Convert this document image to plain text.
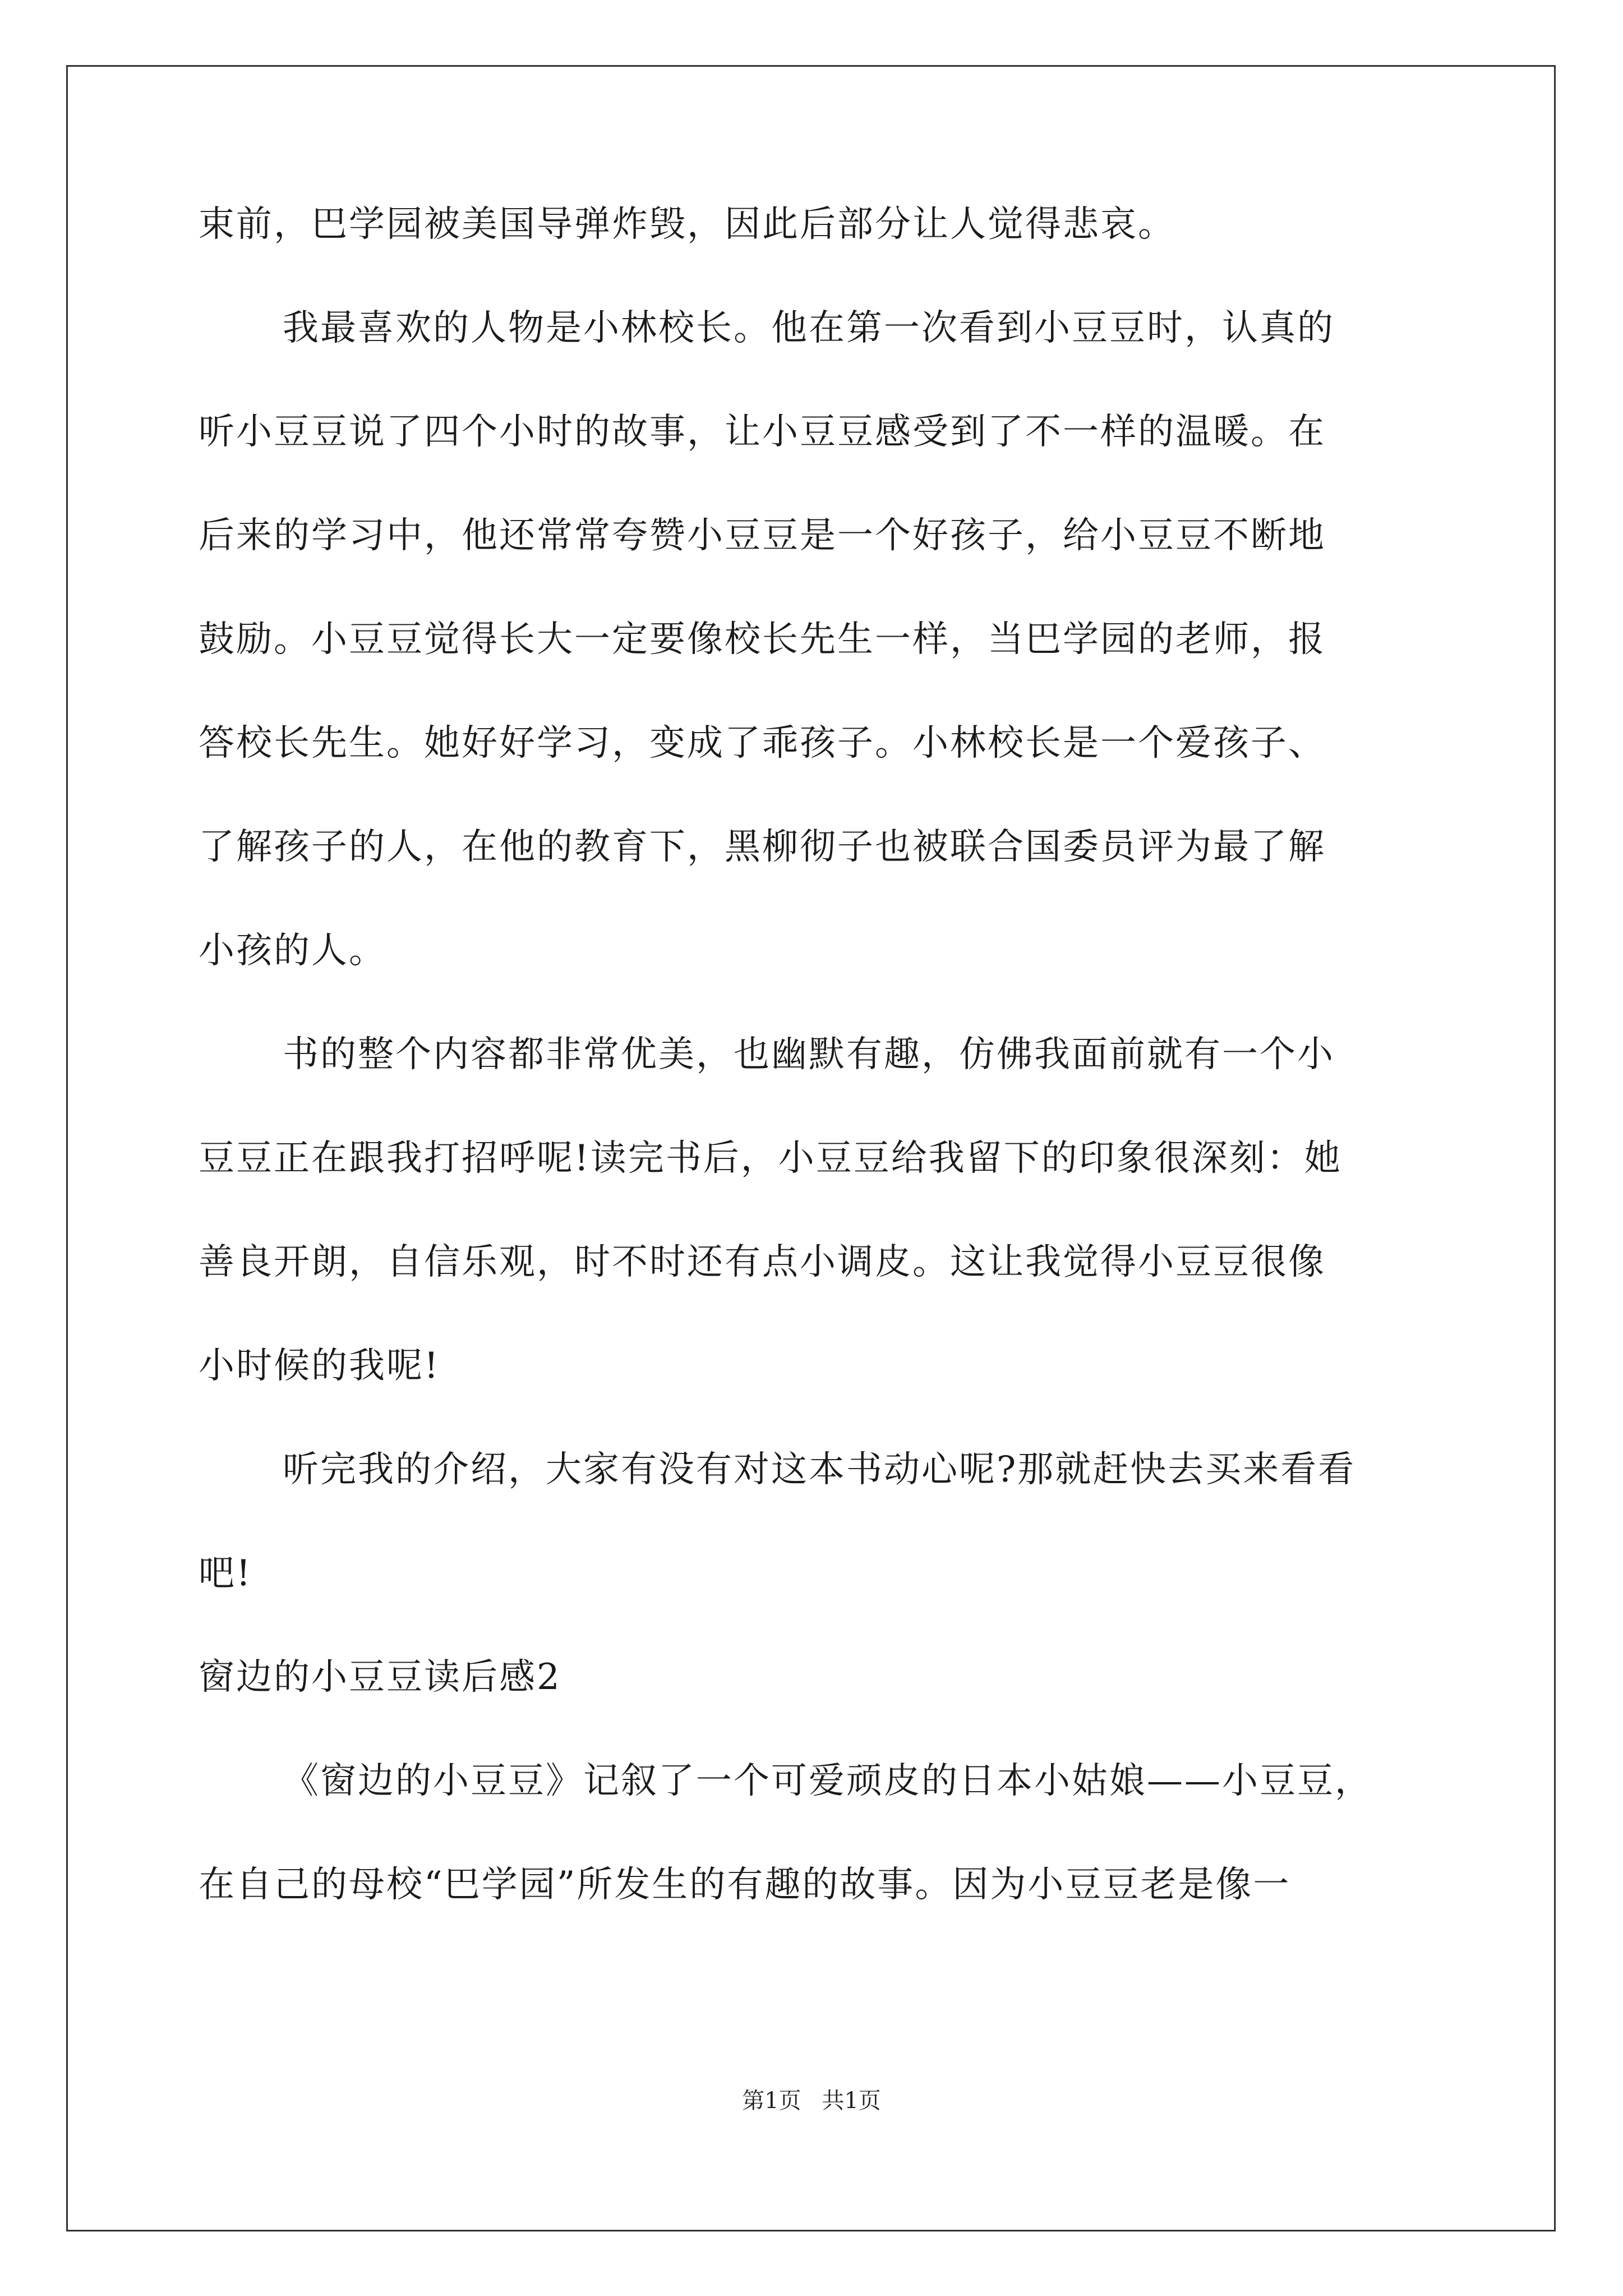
束前，巴学园被美国导弹炸毁，因此后部分让人觉得悲哀。
我最喜欢的人物是小林校长。他在第一次看到小豆豆时，认真的
听小豆豆说了四个小时的故事，让小豆豆感受到了不一样的温暖。在
后来的学习中，他还常常夸赞小豆豆是一个好孩子，给小豆豆不断地
鼓励。小豆豆觉得长大一定要像校长先生一样，当巴学园的老师，报
答校长先生。她好好学习，变成了乖孩子。小林校长是一个爱孩子、
了解孩子的人，在他的教育下，黑柳彻子也被联合国委员评为最了解
小孩的人。
书的整个内容都非常优美，也幽默有趣，仿佛我面前就有一个小
豆豆正在跟我打招呼呢!读完书后，小豆豆给我留下的印象很深刻：她
善良开朗，自信乐观，时不时还有点小调皮。这让我觉得小豆豆很像
小时候的我呢!
听完我的介绍，大家有没有对这本书动心呢?那就赶快去买来看看
吧!
窗边的小豆豆读后感2
《窗边的小豆豆》记叙了一个可爱顽皮的日本小姑娘——小豆豆，
在自己的母校“巴学园”所发生的有趣的故事。因为小豆豆老是像一
第1页 共1页
